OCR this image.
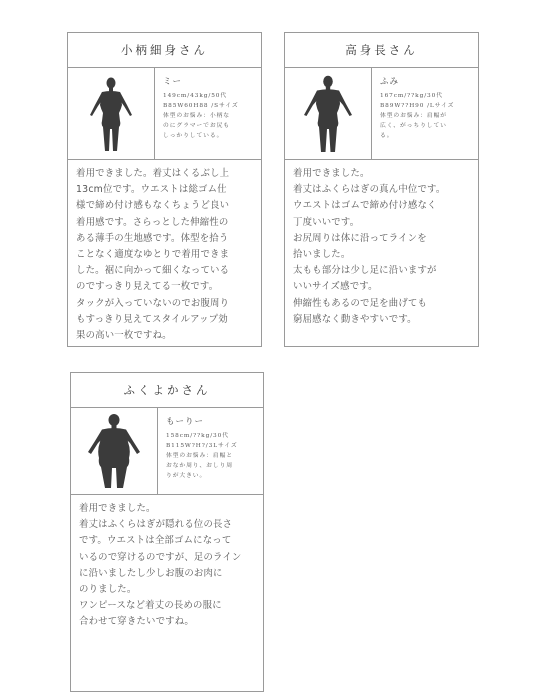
小柄細身さん
ミー
149cm/43kg/50代
B85W60H88 /Sサイズ
体型のお悩み：小柄な
のにグラマーでお尻も
しっかりしている。
着用できました。着丈はくるぶし上
13cm位です。ウエストは総ゴム仕
様で締め付け感もなくちょうど良い
着用感です。さらっとした伸縮性の
ある薄手の生地感です。体型を拾う
ことなく適度なゆとりで着用できま
した。裾に向かって細くなっている
のですっきり見えてる一枚です。
タックが入っていないのでお腹周り
もすっきり見えてスタイルアップ効
果の高い一枚ですね。
高身長さん
ふみ
167cm/??kg/30代
B89W??H90 /Lサイズ
体型のお悩み：肩幅が
広く、がっちりしてい
る。
着用できました。
着丈はふくらはぎの真ん中位です。
ウエストはゴムで締め付け感なく
丁度いいです。
お尻周りは体に沿ってラインを
拾いました。
太もも部分は少し足に沿いますが
いいサイズ感です。
伸縮性もあるので足を曲げても
窮屈感なく動きやすいです。
ふくよかさん
もーりー
158cm/??kg/30代
B115W?H?/3Lサイズ
体型のお悩み：肩幅と
おなか周り、おしり周
りが大きい。
着用できました。
着丈はふくらはぎが隠れる位の長さ
です。ウエストは全部ゴムになって
いるので穿けるのですが、足のライン
に沿いましたし少しお腹のお肉に
のりました。
ワンピースなど着丈の長めの服に
合わせて穿きたいですね。
